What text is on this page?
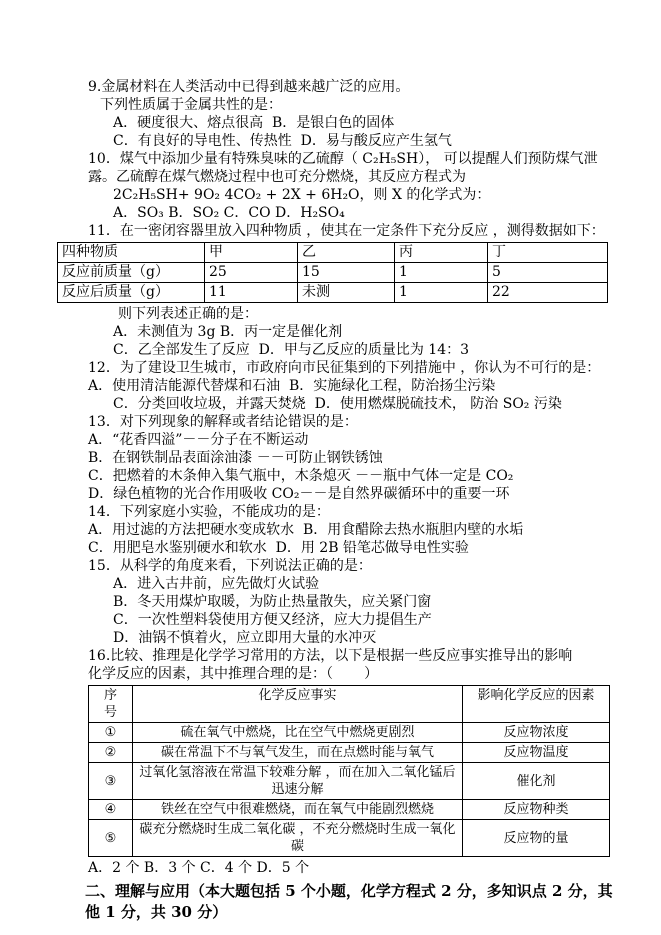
9.金属材料在人类活动中已得到越来越广泛的应用。
下列性质属于金属共性的是：
A．硬度很大、熔点很高  B．是银白色的固体
C．有良好的导电性、传热性  D．易与酸反应产生氢气
10．煤气中添加少量有特殊臭味的乙硫醇（ C₂H₅SH）， 可以提醒人们预防煤气泄
露。乙硫醇在煤气燃烧过程中也可充分燃烧，其反应方程式为
2C₂H₅SH+ 9O₂ 4CO₂ + 2X + 6H₂O，则 X 的化学式为：
A．SO₃ B．SO₂ C．CO D．H₂SO₄
11．在一密闭容器里放入四种物质 ，使其在一定条件下充分反应 ，测得数据如下：
四种物质	甲	乙	丙	丁
反应前质量（g）	25	15	1	5
反应后质量（g）	11	未测	1	22
则下列表述正确的是：
A．未测值为 3g B．丙一定是催化剂
C．乙全部发生了反应  D．甲与乙反应的质量比为 14：3
12．为了建设卫生城市，市政府向市民征集到的下列措施中 ，你认为不可行的是：
A．使用清洁能源代替煤和石油  B．实施绿化工程，防治扬尘污染
C．分类回收垃圾，并露天焚烧  D．使用燃煤脱硫技术， 防治 SO₂ 污染
13．对下列现象的解释或者结论错误的是：
A．“花香四溢”－－分子在不断运动
B．在钢铁制品表面涂油漆 －－可防止钢铁锈蚀
C．把燃着的木条伸入集气瓶中，木条熄灭 －－瓶中气体一定是 CO₂
D．绿色植物的光合作用吸收 CO₂－－是自然界碳循环中的重要一环
14．下列家庭小实验，不能成功的是：
A．用过滤的方法把硬水变成软水  B．用食醋除去热水瓶胆内壁的水垢
C．用肥皂水鉴别硬水和软水  D．用 2B 铅笔芯做导电性实验
15．从科学的角度来看，下列说法正确的是：
A．进入古井前，应先做灯火试验
B．冬天用煤炉取暖，为防止热量散失，应关紧门窗
C．一次性塑料袋使用方便又经济，应大力提倡生产
D．油锅不慎着火，应立即用大量的水冲灭
16.比较、推理是化学学习常用的方法，以下是根据一些反应事实推导出的影响
化学反应的因素，其中推理合理的是：（       ）
序号	化学反应事实	影响化学反应的因素
①	硫在氧气中燃烧，比在空气中燃烧更剧烈	反应物浓度
②	碳在常温下不与氧气发生，而在点燃时能与氧气	反应物温度
③	过氧化氢溶液在常温下较难分解 ，而在加入二氧化锰后迅速分解	催化剂
④	铁丝在空气中很难燃烧，而在氧气中能剧烈燃烧	反应物种类
⑤	碳充分燃烧时生成二氧化碳 ，不充分燃烧时生成一氧化碳	反应物的量
A．2 个 B．3 个 C．4 个 D．5 个
二、理解与应用（本大题包括 5 个小题，化学方程式 2 分，多知识点 2 分，其他 1 分，共 30 分）
